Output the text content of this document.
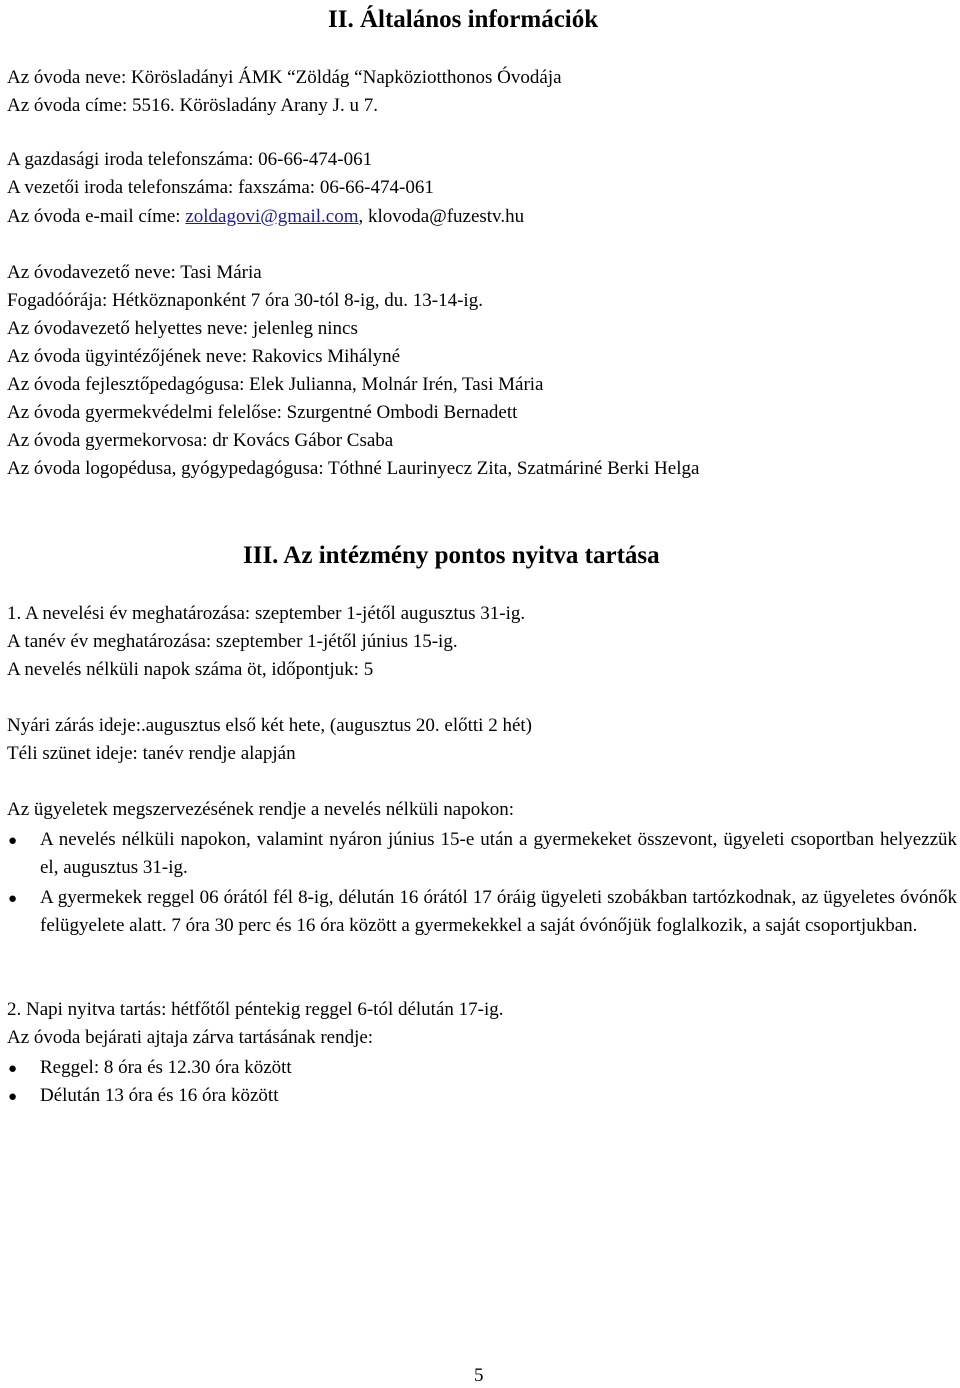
II. Általános információk
Az óvoda neve: Körösladányi ÁMK “Zöldág “Napköziotthonos Óvodája
Az óvoda címe: 5516. Körösladány Arany J. u 7.
A gazdasági iroda telefonszáma: 06-66-474-061
A vezetői iroda telefonszáma: faxszáma: 06-66-474-061
Az óvoda e-mail címe: zoldagovi@gmail.com, klovoda@fuzestv.hu
Az óvodavezető neve: Tasi Mária
Fogadóórája: Hétköznaponként 7 óra 30-tól 8-ig, du. 13-14-ig.
Az óvodavezető helyettes neve: jelenleg nincs
Az óvoda ügyintézőjének neve: Rakovics Mihályné
Az óvoda fejlesztőpedagógusa: Elek Julianna, Molnár Irén, Tasi Mária
Az óvoda gyermekvédelmi felelőse: Szurgentné Ombodi Bernadett
Az óvoda gyermekorvosa: dr Kovács Gábor Csaba
Az óvoda logopédusa, gyógypedagógusa: Tóthné Laurinyecz Zita, Szatmáriné Berki Helga
III. Az intézmény pontos nyitva tartása
1. A nevelési év meghatározása: szeptember 1-jétől augusztus 31-ig.
A tanév év meghatározása: szeptember 1-jétől június 15-ig.
A nevelés nélküli napok száma öt, időpontjuk: 5
Nyári zárás ideje:.augusztus első két hete, (augusztus 20. előtti 2 hét)
Téli szünet ideje: tanév rendje alapján
Az ügyeletek megszervezésének rendje a nevelés nélküli napokon:
● A nevelés nélküli napokon, valamint nyáron június 15-e után a gyermekeket összevont, ügyeleti csoportban helyezzük el, augusztus 31-ig.
● A gyermekek reggel 06 órától fél 8-ig, délután 16 órától 17 óráig ügyeleti szobákban tartózkodnak, az ügyeletes óvónők felügyelete alatt. 7 óra 30 perc és 16 óra között a gyermekekkel a saját óvónőjük foglalkozik, a saját csoportjukban.
2. Napi nyitva tartás: hétfőtől péntekig reggel 6-tól délután 17-ig.
Az óvoda bejárati ajtaja zárva tartásának rendje:
● Reggel: 8 óra és 12.30 óra között
● Délután 13 óra és 16 óra között
5
